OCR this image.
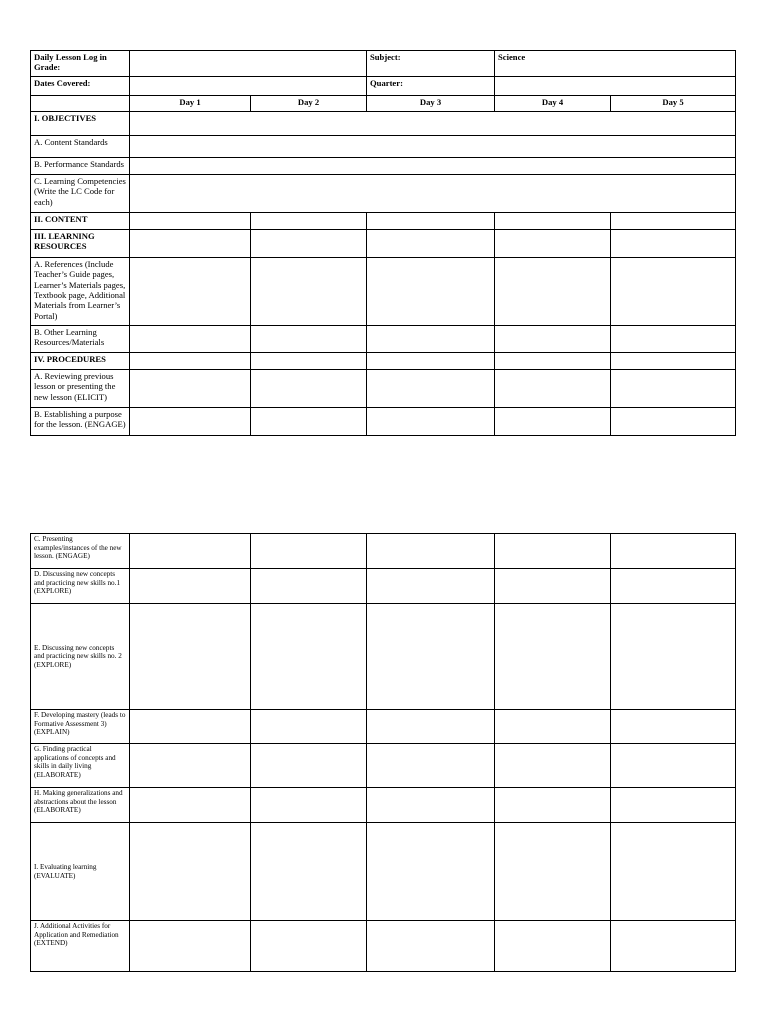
Daily Lesson Log in Grade:			Subject:	Science	
Dates Covered:			Quarter:		
	Day 1	Day 2	Day 3	Day 4	Day 5
I. OBJECTIVES					
A. Content Standards					
B. Performance Standards					
C. Learning Competencies (Write the LC Code for each)					
II. CONTENT					
III. LEARNING RESOURCES					
A. References (Include Teacher’s Guide pages, Learner’s Materials pages, Textbook page, Additional Materials from Learner’s Portal)					
B. Other Learning Resources/Materials					
IV. PROCEDURES					
A. Reviewing previous lesson or presenting the new lesson (ELICIT)					
B. Establishing a purpose for the lesson. (ENGAGE)					
C. Presenting examples/instances of the new lesson. (ENGAGE)					
D. Discussing new concepts and practicing new skills no.1 (EXPLORE)					
E. Discussing new concepts and practicing new skills no. 2 (EXPLORE)					
F. Developing mastery (leads to Formative Assessment 3) (EXPLAIN)					
G. Finding practical applications of concepts and skills in daily living (ELABORATE)					
H. Making generalizations and abstractions about the lesson (ELABORATE)					
I. Evaluating learning (EVALUATE)					
J. Additional Activities for Application and Remediation (EXTEND)					
